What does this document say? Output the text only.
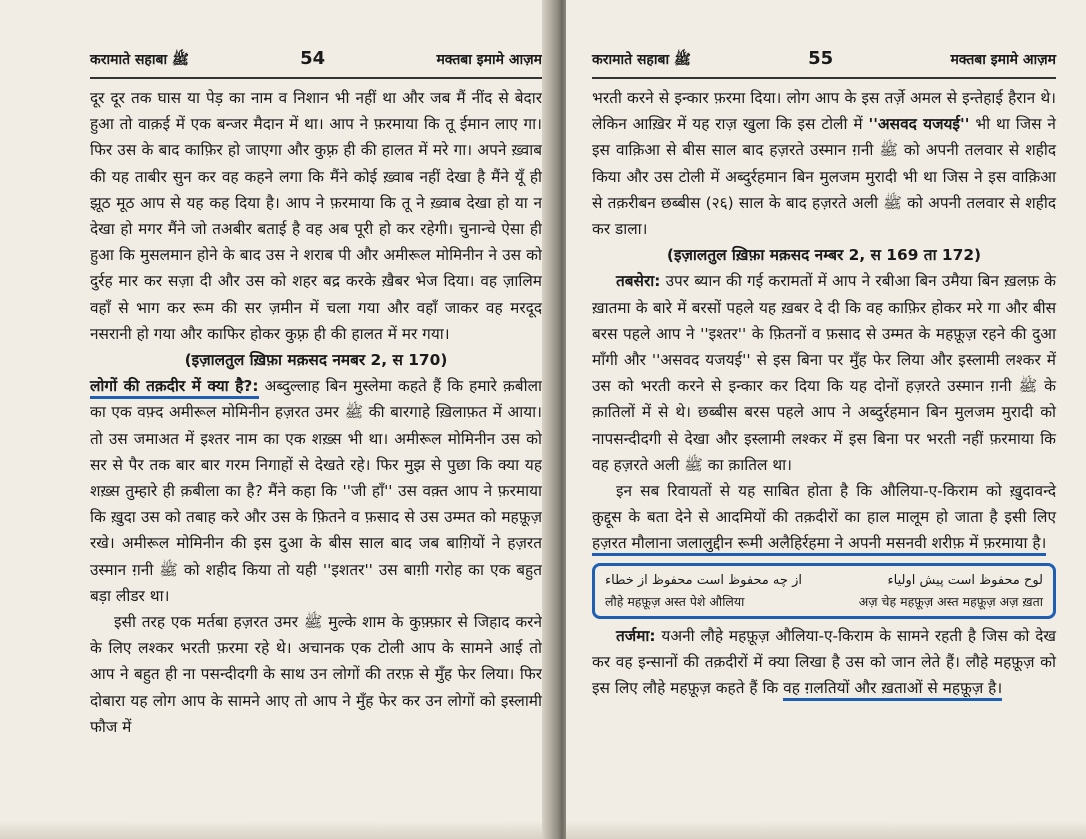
करामाते सहाबा ﷺ	54	मक्तबा इमामे आज़म

दूर दूर तक घास या पेड़ का नाम व निशान भी नहीं था और जब मैं नींद से बेदार हुआ तो वाक़ई में एक बन्जर मैदान में था। आप ने फ़रमाया कि तू ईमान लाए गा। फिर उस के बाद काफ़िर हो जाएगा और कुफ़्र ही की हालत में मरे गा। अपने ख़्वाब की यह ताबीर सुन कर वह कहने लगा कि मैंने कोई ख़्वाब नहीं देखा है मैंने यूँ ही झूठ मूठ आप से यह कह दिया है। आप ने फ़रमाया कि तू ने ख़्वाब देखा हो या न देखा हो मगर मैंने जो तअबीर बताई है वह अब पूरी हो कर रहेगी। चुनान्चे ऐसा ही हुआ कि मुसलमान होने के बाद उस ने शराब पी और अमीरूल मोमिनीन ने उस को दुर्रह मार कर सज़ा दी और उस को शहर बद्र करके ख़ैबर भेज दिया। वह ज़ालिम वहाँ से भाग कर रूम की सर ज़मीन में चला गया और वहाँ जाकर वह मरदूद नसरानी हो गया और काफिर होकर कुफ़्र ही की हालत में मर गया।

(इज़ालतुल ख़िफ़ा मक़सद नमबर 2, स 170)

लोगों की तक़दीर में क्या है?: अब्दुल्लाह बिन मुस्लेमा कहते हैं कि हमारे क़बीला का एक वफ़्द अमीरूल मोमिनीन हज़रत उमर ﷺ की बारगाहे ख़िलाफ़त में आया। तो उस जमाअत में इश्तर नाम का एक शख़्स भी था। अमीरूल मोमिनीन उस को सर से पैर तक बार बार गरम निगाहों से देखते रहे। फिर मुझ से पुछा कि क्या यह शख़्स तुम्हारे ही क़बीला का है? मैंने कहा कि ''जी हाँ'' उस वक़्त आप ने फ़रमाया कि ख़ुदा उस को तबाह करे और उस के फ़ितने व फ़साद से उस उम्मत को महफ़ूज़ रखे। अमीरूल मोमिनीन की इस दुआ के बीस साल बाद जब बाग़ियों ने हज़रत उस्मान ग़नी ﷺ को शहीद किया तो यही ''इशतर'' उस बाग़ी गरोह का एक बहुत बड़ा लीडर था।

इसी तरह एक मर्तबा हज़रत उमर ﷺ मुल्के शाम के कुफ़्फ़ार से जिहाद करने के लिए लश्कर भरती फ़रमा रहे थे। अचानक एक टोली आप के सामने आई तो आप ने बहुत ही ना पसन्दीदगी के साथ उन लोगों की तरफ़ से मुँह फेर लिया। फिर दोबारा यह लोग आप के सामने आए तो आप ने मुँह फेर कर उन लोगों को इस्लामी फौज में

करामाते सहाबा ﷺ	55	मक्तबा इमामे आज़म

भरती करने से इन्कार फ़रमा दिया। लोग आप के इस तर्ज़े अमल से इन्तेहाई हैरान थे। लेकिन आख़िर में यह राज़ खुला कि इस टोली में ''असवद यजयई'' भी था जिस ने इस वाक़िआ से बीस साल बाद हज़रते उस्मान ग़नी ﷺ को अपनी तलवार से शहीद किया और उस टोली में अब्दुर्रहमान बिन मुलजम मुरादी भी था जिस ने इस वाक़िआ से तक़रीबन छब्बीस (२६) साल के बाद हज़रते अली ﷺ को अपनी तलवार से शहीद कर डाला।

(इज़ालतुल ख़िफ़ा मक़सद नम्बर 2, स 169 ता 172)

तबसेरा: उपर ब्यान की गई करामतों में आप ने रबीआ बिन उमैया बिन ख़लफ़ के ख़ातमा के बारे में बरसों पहले यह ख़बर दे दी कि वह काफ़िर होकर मरे गा और बीस बरस पहले आप ने ''इश्तर'' के फ़ितनों व फ़साद से उम्मत के महफ़ूज़ रहने की दुआ माँगी और ''असवद यजयई'' से इस बिना पर मुँह फेर लिया और इस्लामी लश्कर में उस को भरती करने से इन्कार कर दिया कि यह दोनों हज़रते उस्मान ग़नी ﷺ के क़ातिलों में से थे। छब्बीस बरस पहले आप ने अब्दुर्रहमान बिन मुलजम मुरादी को नापसन्दीदगी से देखा और इस्लामी लश्कर में इस बिना पर भरती नहीं फ़रमाया कि वह हज़रते अली ﷺ का क़ातिल था।

इन सब रिवायतों से यह साबित होता है कि औलिया-ए-किराम को ख़ुदावन्दे क़ुद्दूस के बता देने से आदमियों की तक़दीरों का हाल मालूम हो जाता है इसी लिए हज़रत मौलाना जलालुद्दीन रूमी अलैहिर्रहमा ने अपनी मसनवी शरीफ़ में फ़रमाया है।

لوح محفوظ است پیش اولیاء
از چه محفوظ است محفوظ از خطاء
लौहे महफ़ूज़ अस्त पेशे औलिया	अज़ चेह महफ़ूज़ अस्त महफ़ूज़ अज़ ख़ता

तर्जमा: यअनी लौहे महफ़ूज़ औलिया-ए-किराम के सामने रहती है जिस को देख कर वह इन्सानों की तक़दीरों में क्या लिखा है उस को जान लेते हैं। लौहे महफ़ूज़ को इस लिए लौहे महफ़ूज़ कहते हैं कि वह ग़लतियों और ख़ताओं से महफ़ूज़ है।
